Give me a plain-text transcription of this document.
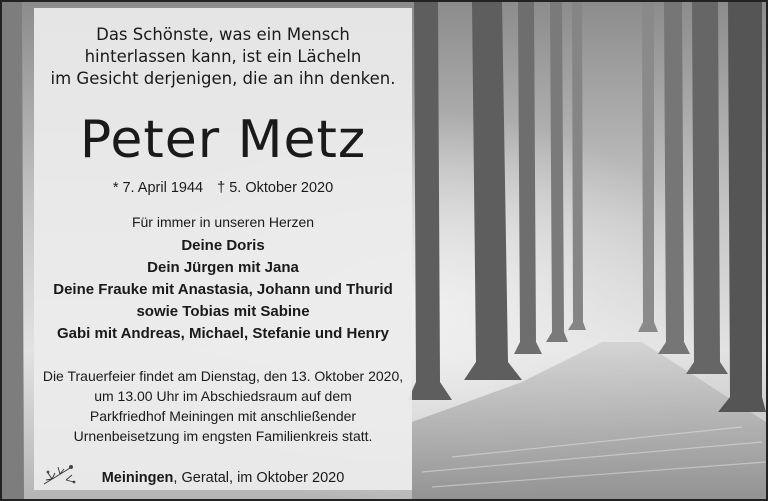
Das Schönste, was ein Mensch
hinterlassen kann, ist ein Lächeln
im Gesicht derjenigen, die an ihn denken.
Peter Metz
* 7. April 1944 † 5. Oktober 2020
Für immer in unseren Herzen
Deine Doris
Dein Jürgen mit Jana
Deine Frauke mit Anastasia, Johann und Thurid
sowie Tobias mit Sabine
Gabi mit Andreas, Michael, Stefanie und Henry
Die Trauerfeier findet am Dienstag, den 13. Oktober 2020,
um 13.00 Uhr im Abschiedsraum auf dem
Parkfriedhof Meiningen mit anschließender
Urnenbeisetzung im engsten Familienkreis statt.
Meiningen, Geratal, im Oktober 2020
